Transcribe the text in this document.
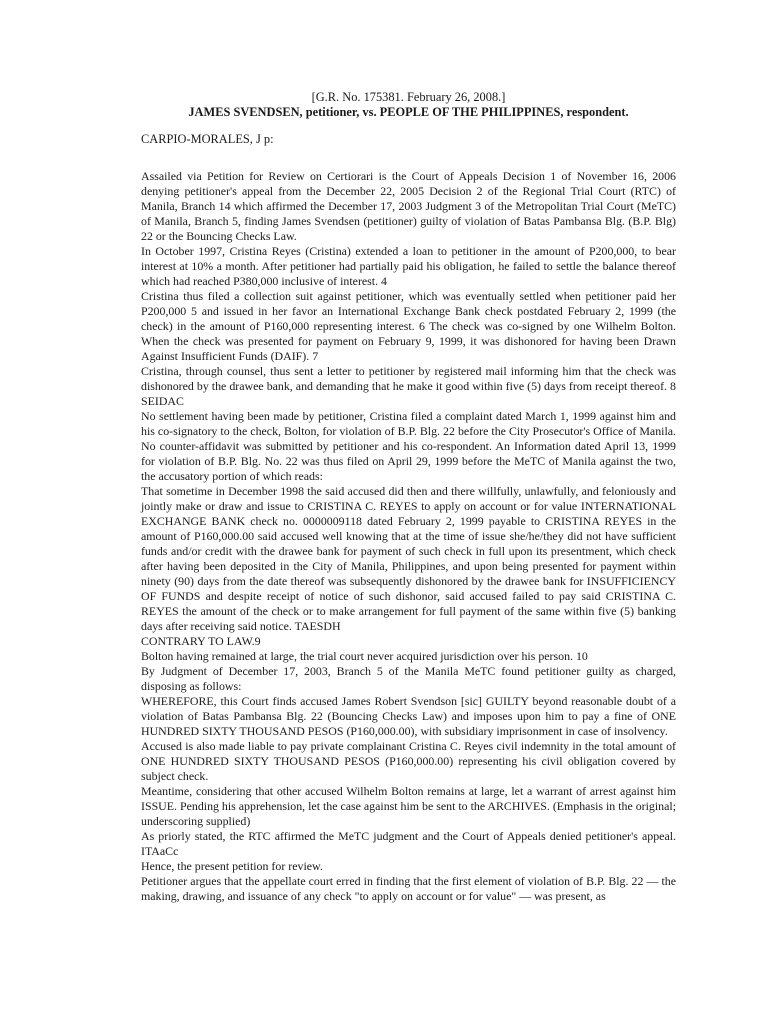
[G.R. No. 175381. February 26, 2008.]
JAMES SVENDSEN, petitioner, vs. PEOPLE OF THE PHILIPPINES, respondent.
CARPIO-MORALES, J p:

Assailed via Petition for Review on Certiorari is the Court of Appeals Decision 1 of November 16, 2006 denying petitioner's appeal from the December 22, 2005 Decision 2 of the Regional Trial Court (RTC) of Manila, Branch 14 which affirmed the December 17, 2003 Judgment 3 of the Metropolitan Trial Court (MeTC) of Manila, Branch 5, finding James Svendsen (petitioner) guilty of violation of Batas Pambansa Blg. (B.P. Blg) 22 or the Bouncing Checks Law.

In October 1997, Cristina Reyes (Cristina) extended a loan to petitioner in the amount of P200,000, to bear interest at 10% a month. After petitioner had partially paid his obligation, he failed to settle the balance thereof which had reached P380,000 inclusive of interest. 4

Cristina thus filed a collection suit against petitioner, which was eventually settled when petitioner paid her P200,000 5 and issued in her favor an International Exchange Bank check postdated February 2, 1999 (the check) in the amount of P160,000 representing interest. 6 The check was co-signed by one Wilhelm Bolton. When the check was presented for payment on February 9, 1999, it was dishonored for having been Drawn Against Insufficient Funds (DAIF). 7

Cristina, through counsel, thus sent a letter to petitioner by registered mail informing him that the check was dishonored by the drawee bank, and demanding that he make it good within five (5) days from receipt thereof. 8 SEIDAC

No settlement having been made by petitioner, Cristina filed a complaint dated March 1, 1999 against him and his co-signatory to the check, Bolton, for violation of B.P. Blg. 22 before the City Prosecutor's Office of Manila. No counter-affidavit was submitted by petitioner and his co-respondent. An Information dated April 13, 1999 for violation of B.P. Blg. No. 22 was thus filed on April 29, 1999 before the MeTC of Manila against the two, the accusatory portion of which reads:

That sometime in December 1998 the said accused did then and there willfully, unlawfully, and feloniously and jointly make or draw and issue to CRISTINA C. REYES to apply on account or for value INTERNATIONAL EXCHANGE BANK check no. 0000009118 dated February 2, 1999 payable to CRISTINA REYES in the amount of P160,000.00 said accused well knowing that at the time of issue she/he/they did not have sufficient funds and/or credit with the drawee bank for payment of such check in full upon its presentment, which check after having been deposited in the City of Manila, Philippines, and upon being presented for payment within ninety (90) days from the date thereof was subsequently dishonored by the drawee bank for INSUFFICIENCY OF FUNDS and despite receipt of notice of such dishonor, said accused failed to pay said CRISTINA C. REYES the amount of the check or to make arrangement for full payment of the same within five (5) banking days after receiving said notice. TAESDH

CONTRARY TO LAW.9

Bolton having remained at large, the trial court never acquired jurisdiction over his person. 10

By Judgment of December 17, 2003, Branch 5 of the Manila MeTC found petitioner guilty as charged, disposing as follows:

WHEREFORE, this Court finds accused James Robert Svendson [sic] GUILTY beyond reasonable doubt of a violation of Batas Pambansa Blg. 22 (Bouncing Checks Law) and imposes upon him to pay a fine of ONE HUNDRED SIXTY THOUSAND PESOS (P160,000.00), with subsidiary imprisonment in case of insolvency.

Accused is also made liable to pay private complainant Cristina C. Reyes civil indemnity in the total amount of ONE HUNDRED SIXTY THOUSAND PESOS (P160,000.00) representing his civil obligation covered by subject check.

Meantime, considering that other accused Wilhelm Bolton remains at large, let a warrant of arrest against him ISSUE. Pending his apprehension, let the case against him be sent to the ARCHIVES. (Emphasis in the original; underscoring supplied)

As priorly stated, the RTC affirmed the MeTC judgment and the Court of Appeals denied petitioner's appeal. ITAaCc

Hence, the present petition for review.

Petitioner argues that the appellate court erred in finding that the first element of violation of B.P. Blg. 22 — the making, drawing, and issuance of any check "to apply on account or for value" — was present, as
